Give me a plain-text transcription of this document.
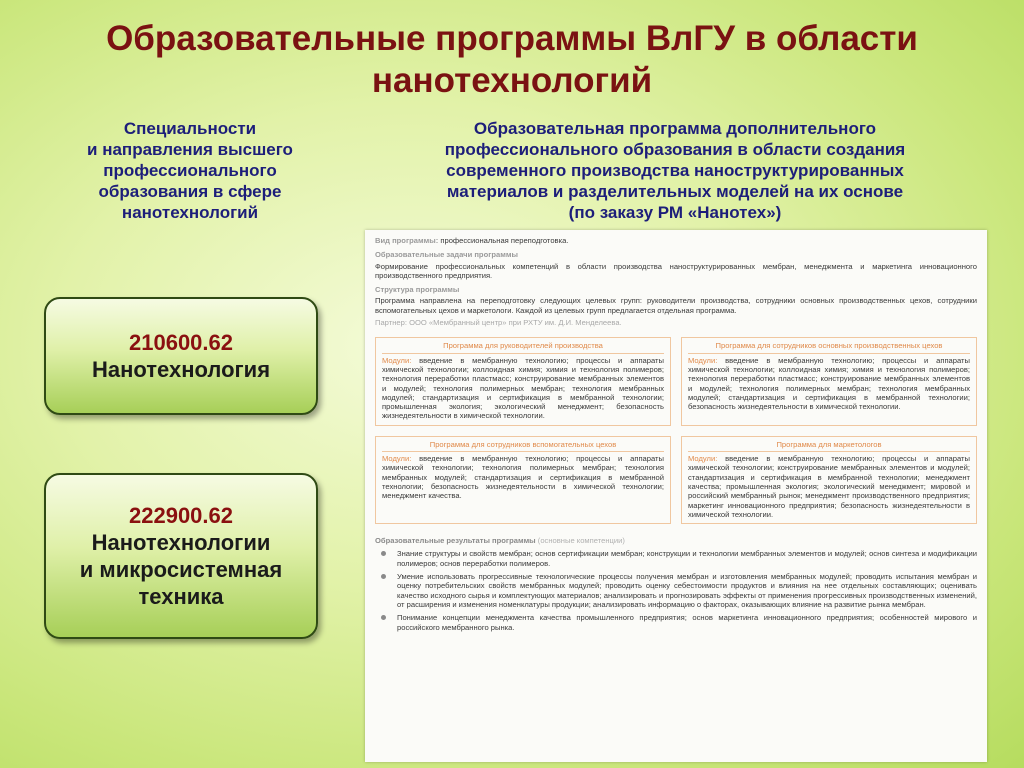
Образовательные программы ВлГУ в области
нанотехнологий
Специальности
и направления высшего
профессионального
образования в сфере
нанотехнологий
Образовательная программа дополнительного
профессионального образования в области создания
современного производства наноструктурированных
материалов и разделительных моделей на их основе
(по заказу РМ «Нанотех»)
210600.62
Нанотехнология
222900.62
Нанотехнологии
и микросистемная
техника
Вид программы: профессиональная переподготовка.
Образовательные задачи программы
Формирование профессиональных компетенций в области производства наноструктурированных мембран, менеджмента и маркетинга инновационного производственного предприятия.
Структура программы
Программа направлена на переподготовку следующих целевых групп: руководители производства, сотрудники основных производственных цехов, сотрудники вспомогательных цехов и маркетологи. Каждой из целевых групп предлагается отдельная программа.
Партнер: ООО «Мембранный центр» при РХТУ им. Д.И. Менделеева.
Программа для руководителей производства
Модули: введение в мембранную технологию; процессы и аппараты химической технологии; коллоидная химия; химия и технология полимеров; технология переработки пластмасс; конструирование мембранных элементов и модулей; технология полимерных мембран; технология мембранных модулей; стандартизация и сертификация в мембранной технологии; промышленная экология; экологический менеджмент; безопасность жизнедеятельности в химической технологии.
Программа для сотрудников основных производственных цехов
Модули: введение в мембранную технологию; процессы и аппараты химической технологии; коллоидная химия; химия и технология полимеров; технология переработки пластмасс; конструирование мембранных элементов и модулей; технология полимерных мембран; технология мембранных модулей; стандартизация и сертификация в мембранной технологии; безопасность жизнедеятельности в химической технологии.
Программа для сотрудников вспомогательных цехов
Модули: введение в мембранную технологию; процессы и аппараты химической технологии; технология полимерных мембран; технология мембранных модулей; стандартизация и сертификация в мембранной технологии; безопасность жизнедеятельности в химической технологии; менеджмент качества.
Программа для маркетологов
Модули: введение в мембранную технологию; процессы и аппараты химической технологии; конструирование мембранных элементов и модулей; стандартизация и сертификация в мембранной технологии; менеджмент качества; промышленная экология; экологический менеджмент; мировой и российский мембранный рынок; менеджмент производственного предприятия; маркетинг инновационного предприятия; безопасность жизнедеятельности в химической технологии.
Образовательные результаты программы (основные компетенции)
Знание структуры и свойств мембран; основ сертификации мембран; конструкции и технологии мембранных элементов и модулей; основ синтеза и модификации полимеров; основ переработки полимеров.
Умение использовать прогрессивные технологические процессы получения мембран и изготовления мембранных модулей; проводить испытания мембран и оценку потребительских свойств мембранных модулей; проводить оценку себестоимости продуктов и влияния на нее отдельных составляющих; оценивать качество исходного сырья и комплектующих материалов; анализировать и прогнозировать эффекты от применения прогрессивных производственных изменений, от расширения и изменения номенклатуры продукции; анализировать информацию о факторах, оказывающих влияние на развитие рынка мембран.
Понимание концепции менеджмента качества промышленного предприятия; основ маркетинга инновационного предприятия; особенностей мирового и российского мембранного рынка.
